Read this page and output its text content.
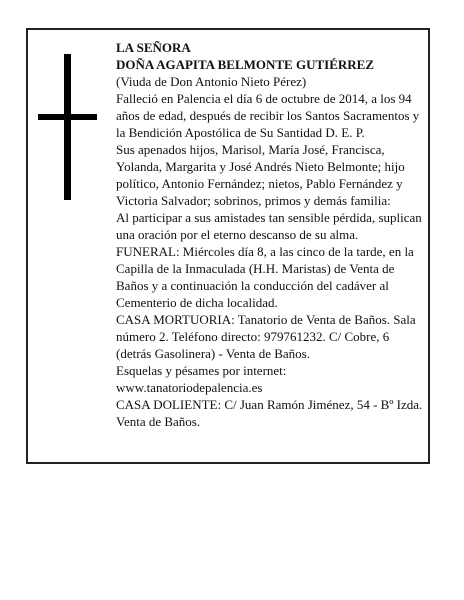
LA SEÑORA

DOÑA AGAPITA BELMONTE GUTIÉRREZ

(Viuda de Don Antonio Nieto Pérez)

Falleció en Palencia el día 6 de octubre de 2014, a los 94 años de edad, después de recibir los Santos Sacramentos y la Bendición Apostólica de Su Santidad D. E. P.

Sus apenados hijos, Marisol, María José, Francisca, Yolanda, Margarita y José Andrés Nieto Belmonte; hijo político, Antonio Fernández; nietos, Pablo Fernández y Victoria Salvador; sobrinos, primos y demás familia:

Al participar a sus amistades tan sensible pérdida, suplican una oración por el eterno descanso de su alma.

FUNERAL: Miércoles día 8, a las cinco de la tarde, en la Capilla de la Inmaculada (H.H. Maristas) de Venta de Baños y a continuación la conducción del cadáver al Cementerio de dicha localidad.

CASA MORTUORIA: Tanatorio de Venta de Baños. Sala número 2. Teléfono directo: 979761232. C/ Cobre, 6 (detrás Gasolinera) - Venta de Baños.

Esquelas y pésames por internet:

www.tanatoriodepalencia.es

CASA DOLIENTE: C/ Juan Ramón Jiménez, 54 - Bº Izda. Venta de Baños.
